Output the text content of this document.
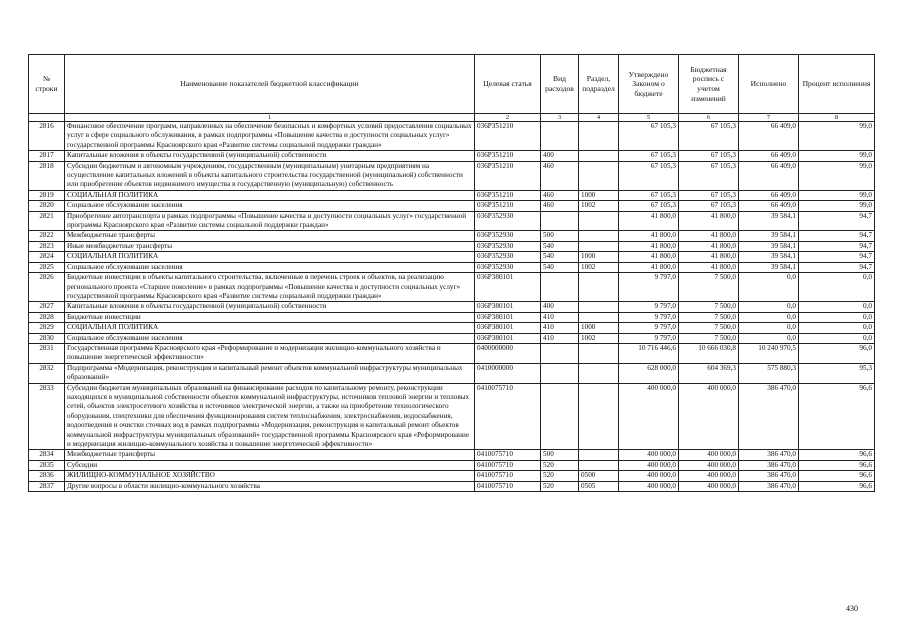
№ строки	Наименование показателей бюджетной классификации	Целевая статья	Вид расходов	Раздел, подраздел	Утверждено Законом о бюджете	Бюджетная роспись с учетом изменений	Исполнено	Процент исполнения
	1	2	3	4	5	6	7	8
2816	Финансовое обеспечение программ, направленных на обеспечение безопасных и комфортных условий предоставления социальных услуг в сфере социального обслуживания, в рамках подпрограммы «Повышение качества и доступности социальных услуг» государственной программы Красноярского края «Развитие системы социальной поддержки граждан»	036Р351210			67 105,3	67 105,3	66 409,0	99,0
2817	Капитальные вложения в объекты государственной (муниципальной) собственности	036Р351210	400		67 105,3	67 105,3	66 409,0	99,0
2818	Субсидии бюджетным и автономным учреждениям, государственным (муниципальным) унитарным предприятиям на осуществление капитальных вложений в объекты капитального строительства государственной (муниципальной) собственности или приобретение объектов недвижимого имущества в государственную (муниципальную) собственность	036Р351210	460		67 105,3	67 105,3	66 409,0	99,0
2819	СОЦИАЛЬНАЯ ПОЛИТИКА	036Р351210	460	1000	67 105,3	67 105,3	66 409,0	99,0
2820	Социальное обслуживание населения	036Р351210	460	1002	67 105,3	67 105,3	66 409,0	99,0
2821	Приобретение автотранспорта в рамках подпрограммы «Повышение качества и доступности социальных услуг» государственной программы Красноярского края «Развитие системы социальной поддержки граждан»	036Р352930			41 800,0	41 800,0	39 584,1	94,7
2822	Межбюджетные трансферты	036Р352930	500		41 800,0	41 800,0	39 584,1	94,7
2823	Иные межбюджетные трансферты	036Р352930	540		41 800,0	41 800,0	39 584,1	94,7
2824	СОЦИАЛЬНАЯ ПОЛИТИКА	036Р352930	540	1000	41 800,0	41 800,0	39 584,1	94,7
2825	Социальное обслуживание населения	036Р352930	540	1002	41 800,0	41 800,0	39 584,1	94,7
2826	Бюджетные инвестиции в объекты капитального строительства, включенные в перечень строек и объектов, на реализацию регионального проекта «Старшее поколение» в рамках подпрограммы «Повышение качества и доступности социальных услуг» государственной программы Красноярского края «Развитие системы социальной поддержки граждан»	036Р380101			9 797,0	7 500,0	0,0	0,0
2827	Капитальные вложения в объекты государственной (муниципальной) собственности	036Р380101	400		9 797,0	7 500,0	0,0	0,0
2828	Бюджетные инвестиции	036Р380101	410		9 797,0	7 500,0	0,0	0,0
2829	СОЦИАЛЬНАЯ ПОЛИТИКА	036Р380101	410	1000	9 797,0	7 500,0	0,0	0,0
2830	Социальное обслуживание населения	036Р380101	410	1002	9 797,0	7 500,0	0,0	0,0
2831	Государственная программа Красноярского края «Реформирование и модернизация жилищно-коммунального хозяйства и повышение энергетической эффективности»	0400000000			10 716 446,6	10 666 030,8	10 240 970,5	96,0
2832	Подпрограмма «Модернизация, реконструкция и капитальный ремонт объектов коммунальной инфраструктуры муниципальных образований»	0410000000			628 000,0	604 369,3	575 880,3	95,3
2833	Субсидии бюджетам муниципальных образований на финансирование расходов по капитальному ремонту, реконструкции находящихся в муниципальной собственности объектов коммунальной инфраструктуры, источников тепловой энергии и тепловых сетей, объектов электросетевого хозяйства и источников электрической энергии, а также на приобретение технологического оборудования, спецтехники для обеспечения функционирования систем теплоснабжения, электроснабжения, водоснабжения, водоотведения и очистки сточных вод в рамках подпрограммы «Модернизация, реконструкция и капитальный ремонт объектов коммунальной инфраструктуры муниципальных образований» государственной программы Красноярского края «Реформирование и модернизация жилищно-коммунального хозяйства и повышение энергетической эффективности»	0410075710			400 000,0	400 000,0	386 470,0	96,6
2834	Межбюджетные трансферты	0410075710	500		400 000,0	400 000,0	386 470,0	96,6
2835	Субсидии	0410075710	520		400 000,0	400 000,0	386 470,0	96,6
2836	ЖИЛИЩНО-КОММУНАЛЬНОЕ ХОЗЯЙСТВО	0410075710	520	0500	400 000,0	400 000,0	386 470,0	96,6
2837	Другие вопросы в области жилищно-коммунального хозяйства	0410075710	520	0505	400 000,0	400 000,0	386 470,0	96,6
430
